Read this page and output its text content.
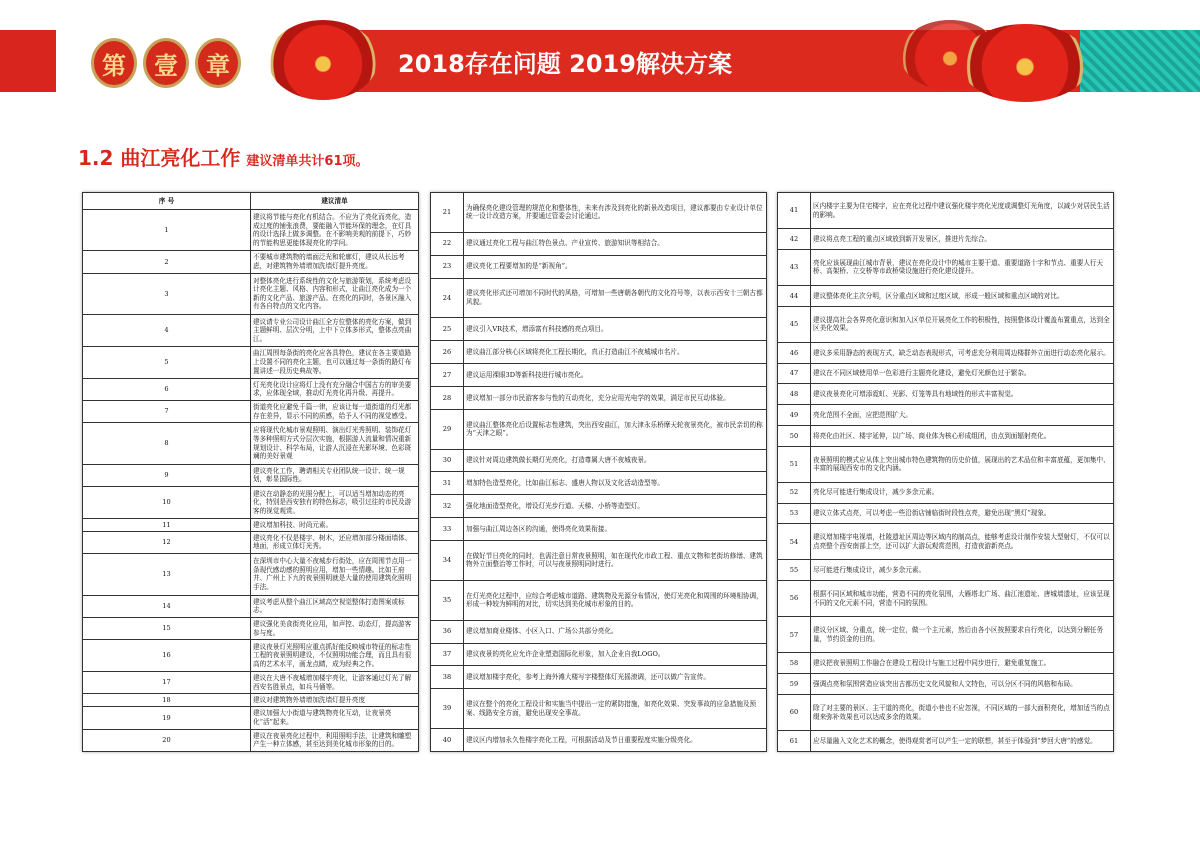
第	壹	章	2018存在问题 2019解决方案
1.2 曲江亮化工作 建议清单共计61项。
序 号	建议清单
1	建议将节能与亮化有机结合。不应为了亮化而亮化，造成过度的铺张浪费，要能融入节能环保的理念，在灯具的设计选择上做多调整。在不影响美观的前提下，巧妙的节能构思更能体现亮化的学问。
2	不要城市建筑物的墙面泛光和轮廓灯，建议从长远考虑，对建筑物外墙增加洗墙灯提升亮度。
3	对整体亮化进行系统性的文化与旅游策划，系统考虑设计亮化主题、风格、内容和形式，让曲江亮化成为一个新的文化产品、旅游产品。在亮化的同时，各景区融入有各自特点的文化内容。
4	建议请专业公司设计曲江全方位整体的亮化方案，做到主题鲜明、层次分明，上中下立体多形式，整体点亮曲江。
5	曲江周围每条街的亮化应各具特色，建议在各主要道路上设置不同的亮化主题，也可以通过每一条街的路灯布置讲述一段历史典故等。
6	灯光亮化设计应将灯上没有充分融合中国古方的审美要求，应体现全域，推动灯光亮化再升级、再提升。
7	街道亮化应避免千篇一律，应该让每一道街道的灯光都存在差异，显示不同的质感，给予人不同的视觉感受。
8	应将现代化城市景观照明、演出灯光秀照明、装饰花灯等多种照明方式分层次实施，根据游人流量和情况重新规划设计、科学布局，让游人沉浸在光影环境、色彩斑斓的美好景观
9	建议亮化工作，聘请相关专业团队统一设计、统一规划，彰显国际性。
10	建议在动静态的光照分配上，可以适当增加动态的亮化，特别是西安独有的特色标志，吸引过往的市民及游客的视觉观赏。
11	建议增加科技、时尚元素。
12	建议亮化不仅是楼宇、树木，还应增加部分楼面墙体、地面，形成立体灯光秀。
13	在深圳市中心大量不夜城步行街处，应在周围节点用一条现代感动感的照明应用，增加一些情趣。比如王府井、广州上下九的夜景照明就是大量的使用建筑化照明手法。
14	建议考虑从整个曲江区域高空视觉整体打造图案或标志。
15	建议强化美食街亮化应用，如声控、动态灯，提高游客参与度。
16	建议夜景灯光照明应重点抓好能反映城市特征的标志性工程的夜景照明建设，不仅照明功能合理，而且具有很高的艺术水平，画龙点睛，成为经典之作。
17	建议在大唐不夜城增加楼宇亮化，让游客通过灯光了解西安名胜景点，如兵马俑等。
18	建议对建筑物外墙增加洗墙灯提升亮度
19	建议加强大小街道与建筑物亮化互动，让夜景亮化“活”起来。
20	建议在夜景亮化过程中，利用照明手法，让建筑和雕塑产生一种立体感，甚至达到美化城市形象的目的。
21	为确保亮化建设管理的规范化和整体性，未来有涉及到亮化的新景改造项目，建议都要由专业设计单位统一设计改造方案，并要通过管委会讨论通过。
22	建议通过亮化工程与曲江特色景点、产业宣传、旅游知识等相结合。
23	建议亮化工程要增加的是“新视角”。
24	建议亮化形式还可增加不同时代的风格，可增加一些唐朝各朝代的文化符号等，以表示西安十三朝古都风貌。
25	建议引入VR技术，增添富有科技感的亮点项目。
26	建议曲江部分核心区域将亮化工程长期化，真正打造曲江不夜城城市名片。
27	建议运用裸眼3D等新科技进行城市亮化。
28	建议增加一部分市民游客参与性的互动亮化，充分应用光电学的效果，满足市民互动体验。
29	建议曲江整体亮化后设置标志性建筑，突出西安曲江，加大津永乐桥摩天轮夜景亮化，被市民亲切的称为“天津之眼”。
30	建议针对周边建筑做长期灯光亮化，打造尊属大唐不夜城夜景。
31	增加特色造型亮化，比如曲江标志、盛唐人物以及文化活动造型等。
32	强化地面造型亮化，增设灯光步行道、天梯、小桥等造型灯。
33	加强与曲江周边各区的沟通，使得亮化效果衔接。
34	在做好节日亮化的同时，也需注意日常夜景照明，如在现代化市政工程、重点文物和老街坊修缮、建筑物外立面整治等工作时，可以与夜景照明同时进行。
35	在灯光亮化过程中，应综合考虑城市道路、建筑物及光源分布情况，使灯光亮化和周围的环境相协调，形成一种较为鲜明的对比，切实达到美化城市形象的目的。
36	建议增加商业楼体、小区入口、广场公共部分亮化。
37	建议夜景的亮化应允许企业塑造国际化形象，加入企业自我LOGO。
38	建议增加楼宇亮化，参考上海外滩大楼写字楼整体灯光摇滚调，还可以做广告宣传。
39	建议在整个的亮化工程设计和实施当中提出一定的紧防措施，如亮化效果、突发事故的应急措施及预案、线路安全方面，避免出现安全事故。
40	建议区内增加永久性楼宇亮化工程，可根据活动及节日重要程度实施分级亮化。
41	区内楼宇主要为住宅楼宇，应在亮化过程中建议强化楼宇亮化光度或调整灯光角度，以减少对居民生活的影响。
42	建议将点亮工程的重点区域放到新开发景区，推进片先综合。
43	亮化应该展现曲江城市背景，建议在亮化设计中的城市主要干道、重要道路十字和节点、重要人行天桥、高架桥、立交桥等市政桥梁设施进行亮化建设提升。
44	建议整体亮化主次分明，区分重点区域和过度区域，形成一般区域和重点区域的对比。
45	建议提高社会各界亮化意识和加入区单位开展亮化工作的积极性，按照整体设计覆盖布置重点，达到全区美化效果。
46	建议多采用静态的表现方式，缺乏动态表现形式，可考虑充分利用周边楼群外立面进行动态亮化展示。
47	建议在不同区域使用单一色彩进行主题亮化建设，避免灯光颜色过于繁杂。
48	建议夜景亮化可增添霓虹、光影、灯笼等具有地域性的形式丰富视觉。
49	亮化范围不全面，应把范围扩大。
50	将亮化由社区、楼宇延伸，以广场、商业体为核心形成组团，由点到面辐射亮化。
51	夜景照明的模式应从体上突出城市特色建筑物的历史价值，展现出的艺术品位和丰富底蕴，更加集中、丰富的展现西安市的文化内涵。
52	亮化尽可能进行集成设计，减少多余元素。
53	建议立体式点亮，可以考虑一些沿街店铺临街时段性点亮，避免出现“黑灯”现象。
54	建议增加楼宇电视墙，杜陵遗址区周边等区域内的制高点，能够考虑设计制作安装大型射灯，不仅可以点亮整个西安南部上空，还可以扩大游玩观赏范围，打造夜游新亮点。
55	尽可能进行集成设计，减少多余元素。
56	根据不同区域和城市功能，营造不同的亮化氛围，大雁塔北广场、曲江池遗址、唐城墙遗址，应该呈现不同的文化元素不同，营造不同的氛围。
57	建议分区域、分重点，统一定位，做一个主元素，然后由各小区按照要求自行亮化，以达到分解任务量，节约资金的目的。
58	建议把夜景照明工作融合在建设工程设计与施工过程中同步进行，避免重复施工。
59	强调点亮和氛围营造应该突出古都历史文化风貌和人文特色，可以分区不同的风格和布局。
60	除了对主要的景区、主干道的亮化，街道小巷也不应忽视，不同区域的一部大面积亮化，增加适当的点缀来弥补效果也可以达成多余的效果。
61	应尽量融入文化艺术的概念，使得观赏者可以产生一定的联想，甚至于体验到“梦回大唐”的感觉。
